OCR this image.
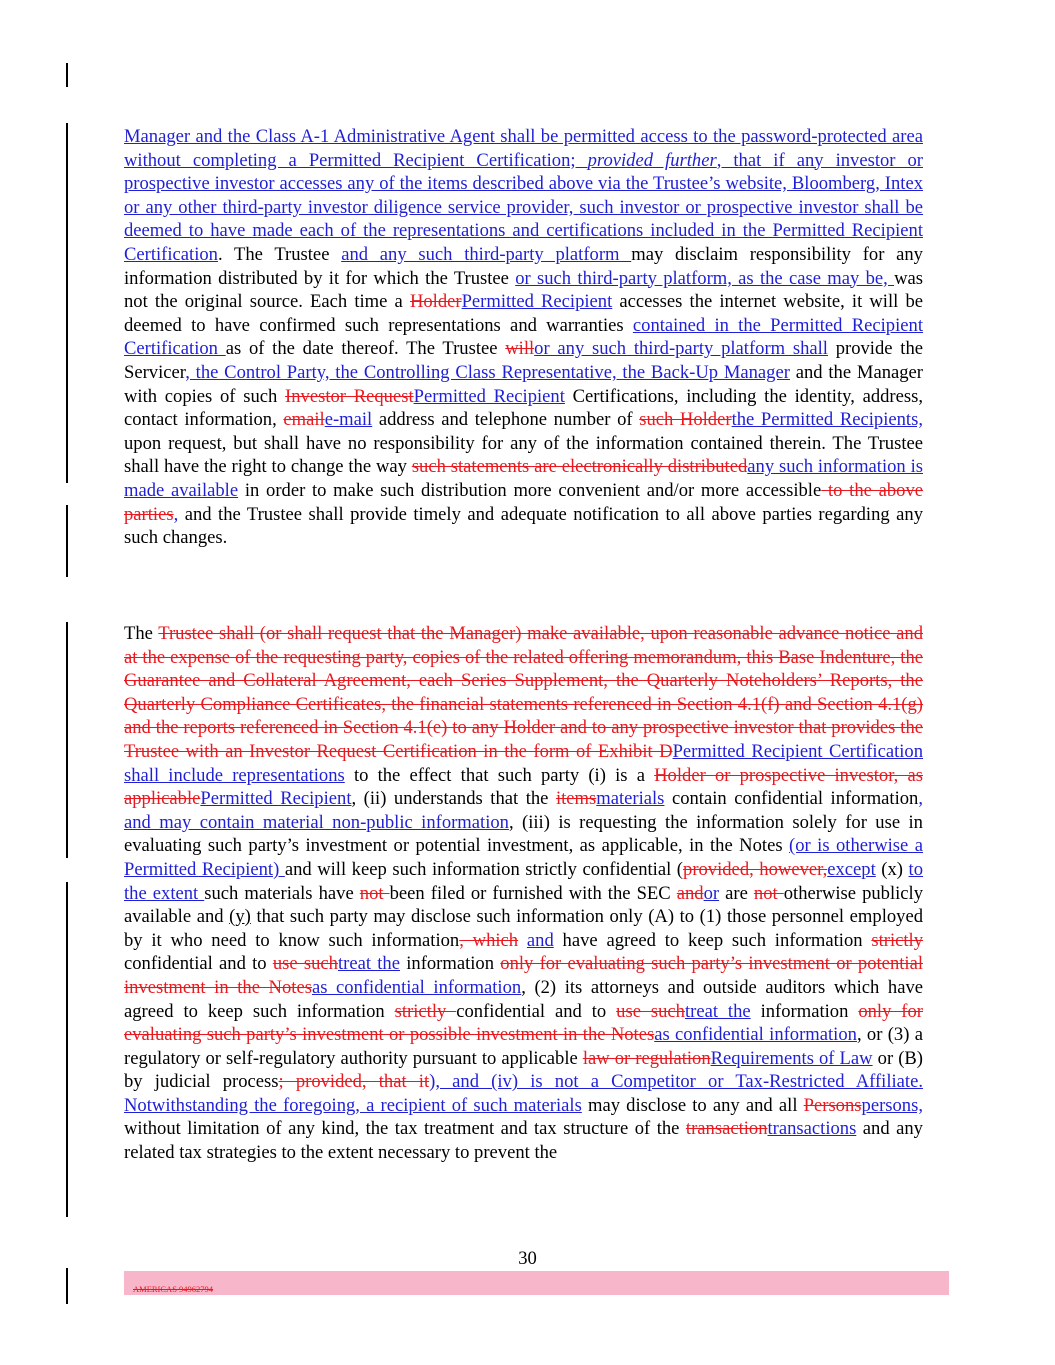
Manager and the Class A-1 Administrative Agent shall be permitted access to the password-protected area without completing a Permitted Recipient Certification; provided further, that if any investor or prospective investor accesses any of the items described above via the Trustee’s website, Bloomberg, Intex or any other third-party investor diligence service provider, such investor or prospective investor shall be deemed to have made each of the representations and certifications included in the Permitted Recipient Certification. The Trustee and any such third-party platform may disclaim responsibility for any information distributed by it for which the Trustee or such third-party platform, as the case may be, was not the original source. Each time a HolderPermitted Recipient accesses the internet website, it will be deemed to have confirmed such representations and warranties contained in the Permitted Recipient Certification as of the date thereof. The Trustee willor any such third-party platform shall provide the Servicer, the Control Party, the Controlling Class Representative, the Back-Up Manager and the Manager with copies of such Investor RequestPermitted Recipient Certifications, including the identity, address, contact information, emaile-mail address and telephone number of such Holderthe Permitted Recipients, upon request, but shall have no responsibility for any of the information contained therein. The Trustee shall have the right to change the way such statements are electronically distributedany such information is made available in order to make such distribution more convenient and/or more accessible to the above parties, and the Trustee shall provide timely and adequate notification to all above parties regarding any such changes.

The Trustee shall (or shall request that the Manager) make available, upon reasonable advance notice and at the expense of the requesting party, copies of the related offering memorandum, this Base Indenture, the Guarantee and Collateral Agreement, each Series Supplement, the Quarterly Noteholders’ Reports, the Quarterly Compliance Certificates, the financial statements referenced in Section 4.1(f) and Section 4.1(g) and the reports referenced in Section 4.1(e) to any Holder and to any prospective investor that provides the Trustee with an Investor Request Certification in the form of Exhibit DPermitted Recipient Certification shall include representations to the effect that such party (i) is a Holder or prospective investor, as applicablePermitted Recipient, (ii) understands that the itemsmaterials contain confidential information, and may contain material non-public information, (iii) is requesting the information solely for use in evaluating such party’s investment or potential investment, as applicable, in the Notes (or is otherwise a Permitted Recipient) and will keep such information strictly confidential (provided, however,except (x) to the extent such materials have not been filed or furnished with the SEC andor are not otherwise publicly available and (y) that such party may disclose such information only (A) to (1) those personnel employed by it who need to know such information, which and have agreed to keep such information strictly confidential and to use suchtreat the information only for evaluating such party’s investment or potential investment in the Notesas confidential information, (2) its attorneys and outside auditors which have agreed to keep such information strictly confidential and to use suchtreat the information only for evaluating such party’s investment or possible investment in the Notesas confidential information, or (3) a regulatory or self-regulatory authority pursuant to applicable law or regulationRequirements of Law or (B) by judicial process; provided, that it), and (iv) is not a Competitor or Tax-Restricted Affiliate. Notwithstanding the foregoing, a recipient of such materials may disclose to any and all Personspersons, without limitation of any kind, the tax treatment and tax structure of the transactiontransactions and any related tax strategies to the extent necessary to prevent the

30
AMERICAS 94962794
